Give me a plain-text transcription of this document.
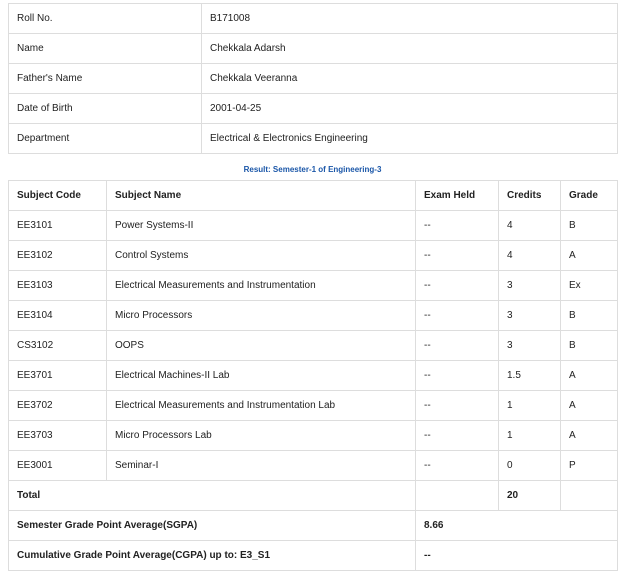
Roll No.	B171008
Name	Chekkala Adarsh
Father's Name	Chekkala Veeranna
Date of Birth	2001-04-25
Department	Electrical & Electronics Engineering
Result: Semester-1 of Engineering-3
Subject Code	Subject Name	Exam Held	Credits	Grade
EE3101	Power Systems-II	--	4	B
EE3102	Control Systems	--	4	A
EE3103	Electrical Measurements and Instrumentation	--	3	Ex
EE3104	Micro Processors	--	3	B
CS3102	OOPS	--	3	B
EE3701	Electrical Machines-II Lab	--	1.5	A
EE3702	Electrical Measurements and Instrumentation Lab	--	1	A
EE3703	Micro Processors Lab	--	1	A
EE3001	Seminar-I	--	0	P
Total			20	
Semester Grade Point Average(SGPA)		8.66		
Cumulative Grade Point Average(CGPA) up to: E3_S1		--		
